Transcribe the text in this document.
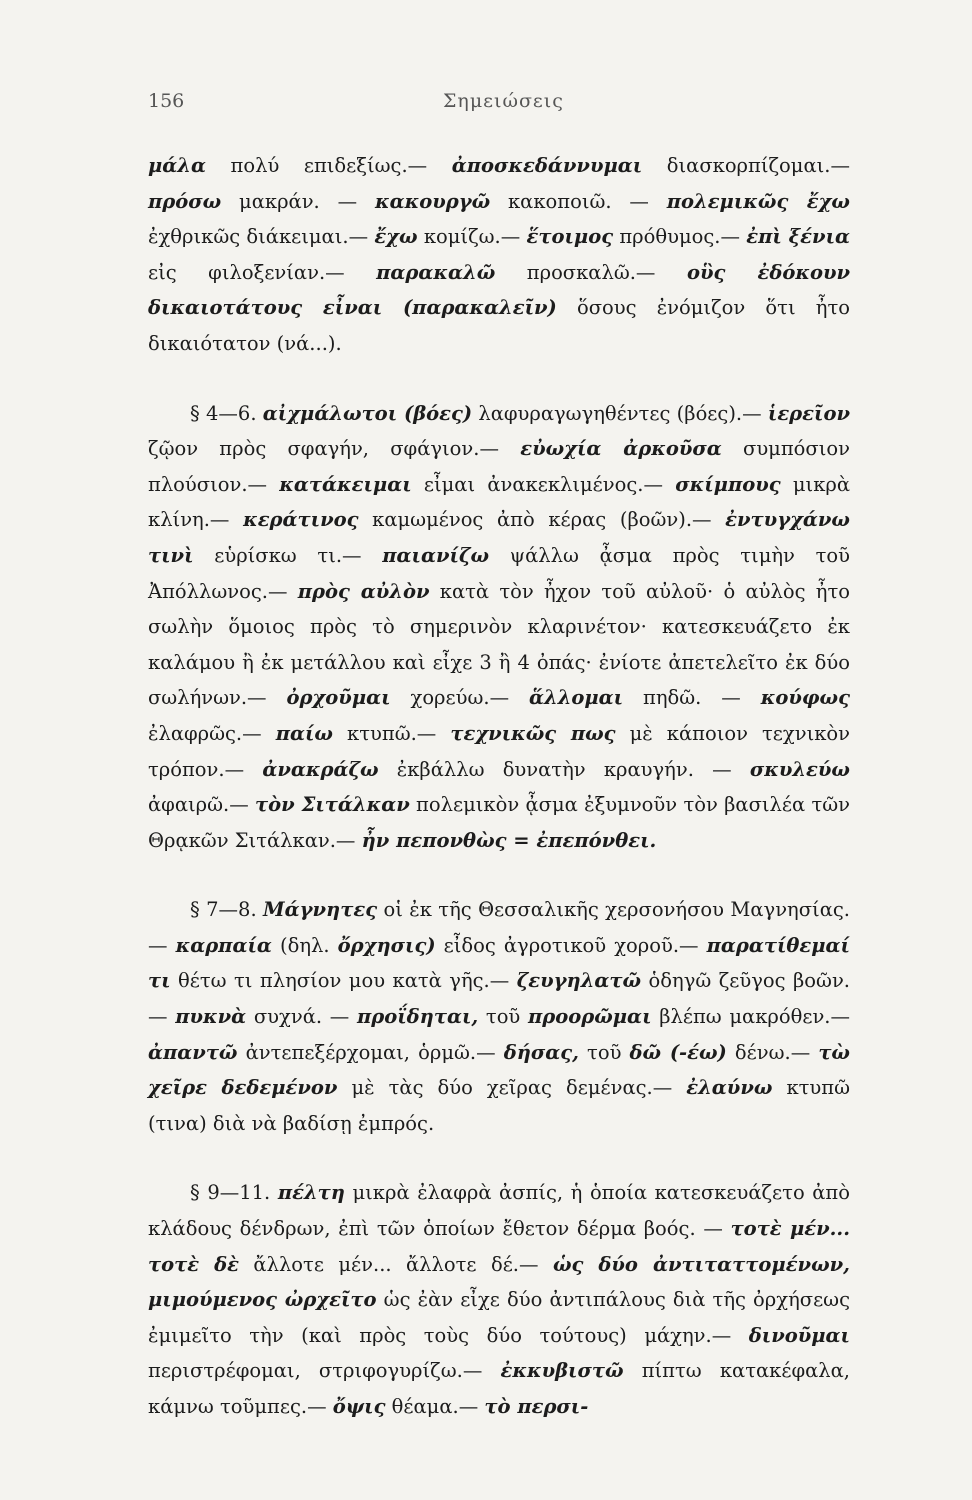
156	Σημειώσεις

μάλα πολύ επιδεξίως.— ἀποσκεδάννυμαι διασκορπίζομαι.— πρόσω μακράν. — κακουργῶ κακοποιῶ. — πολεμικῶς ἔχω ἐχθρικῶς διάκειμαι.— ἔχω κομίζω.— ἕτοιμος πρόθυμος.— ἐπὶ ξένια εἰς φιλοξενίαν.— παρακαλῶ προσκαλῶ.— οὓς ἐδόκουν δικαιοτάτους εἶναι (παρακαλεῖν) ὅσους ἐνόμιζον ὅτι ἦτο δικαιότατον (νά...).

§ 4—6. αἰχμάλωτοι (βόες) λαφυραγωγηθέντες (βόες).— ἱερεῖον ζῷον πρὸς σφαγήν, σφάγιον.— εὐωχία ἀρκοῦσα συμπόσιον πλούσιον.— κατάκειμαι εἶμαι ἀνακεκλιμένος.— σκίμπους μικρὰ κλίνη.— κεράτινος καμωμένος ἀπὸ κέρας (βοῶν).— ἐντυγχάνω τινὶ εὑρίσκω τι.— παιανίζω ψάλλω ᾆσμα πρὸς τιμὴν τοῦ Ἀπόλλωνος.— πρὸς αὐλὸν κατὰ τὸν ἦχον τοῦ αὐλοῦ· ὁ αὐλὸς ἦτο σωλὴν ὅμοιος πρὸς τὸ σημερινὸν κλαρινέτον· κατεσκευάζετο ἐκ καλάμου ἢ ἐκ μετάλλου καὶ εἶχε 3 ἢ 4 ὀπάς· ἐνίοτε ἀπετελεῖτο ἐκ δύο σωλήνων.— ὀρχοῦμαι χορεύω.— ἅλλομαι πηδῶ. — κούφως ἐλαφρῶς.— παίω κτυπῶ.— τεχνικῶς πως μὲ κάποιον τεχνικὸν τρόπον.— ἀνακράζω ἐκβάλλω δυνατὴν κραυγήν. — σκυλεύω ἀφαιρῶ.— τὸν Σιτάλκαν πολεμικὸν ᾆσμα ἐξυμνοῦν τὸν βασιλέα τῶν Θρᾳκῶν Σιτάλκαν.— ἦν πεπονθὼς = ἐπεπόνθει.

§ 7—8. Μάγνητες οἱ ἐκ τῆς Θεσσαλικῆς χερσονήσου Μαγνησίας.— καρπαία (δηλ. ὄρχησις) εἶδος ἀγροτικοῦ χοροῦ.— παρατίθεμαί τι θέτω τι πλησίον μου κατὰ γῆς.— ζευγηλατῶ ὁδηγῶ ζεῦγος βοῶν.— πυκνὰ συχνά. — προΐδηται, τοῦ προορῶμαι βλέπω μακρόθεν.— ἀπαντῶ ἀντεπεξέρχομαι, ὁρμῶ.— δήσας, τοῦ δῶ (-έω) δένω.— τὼ χεῖρε δεδεμένον μὲ τὰς δύο χεῖρας δεμένας.— ἐλαύνω κτυπῶ (τινα) διὰ νὰ βαδίσῃ ἐμπρός.

§ 9—11. πέλτη μικρὰ ἐλαφρὰ ἀσπίς, ἡ ὁποία κατεσκευάζετο ἀπὸ κλάδους δένδρων, ἐπὶ τῶν ὁποίων ἔθετον δέρμα βοός. — τοτὲ μέν... τοτὲ δὲ ἄλλοτε μέν... ἄλλοτε δέ.— ὡς δύο ἀντιταττομένων, μιμούμενος ὠρχεῖτο ὡς ἐὰν εἶχε δύο ἀντιπάλους διὰ τῆς ὀρχήσεως ἐμιμεῖτο τὴν (καὶ πρὸς τοὺς δύο τούτους) μάχην.— δινοῦμαι περιστρέφομαι, στριφογυρίζω.— ἐκκυβιστῶ πίπτω κατακέφαλα, κάμνω τοῦμπες.— ὄψις θέαμα.— τὸ περσι-
